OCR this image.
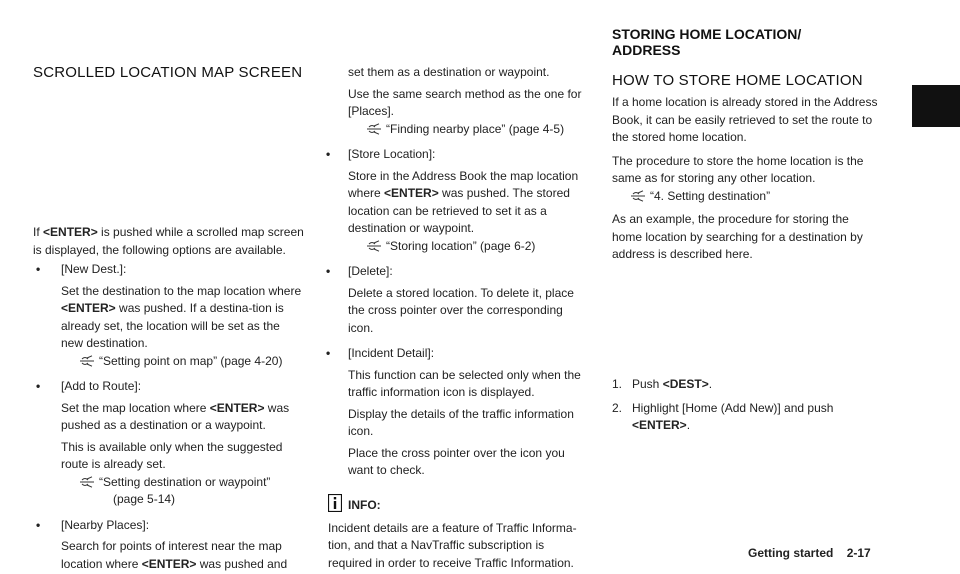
STORING HOME LOCATION/
ADDRESS
SCROLLED LOCATION MAP SCREEN
If <ENTER> is pushed while a scrolled map screen is displayed, the following options are available.
• [New Dest.]:
Set the destination to the map location where <ENTER> was pushed. If a destina-tion is already set, the location will be set as the new destination.
“Setting point on map” (page 4-20)
• [Add to Route]:
Set the map location where <ENTER> was pushed as a destination or a waypoint.
This is available only when the suggested route is already set.
“Setting destination or waypoint”
(page 5-14)
• [Nearby Places]:
Search for points of interest near the map location where <ENTER> was pushed and
set them as a destination or waypoint.
Use the same search method as the one for [Places].
“Finding nearby place” (page 4-5)
• [Store Location]:
Store in the Address Book the map location where <ENTER> was pushed. The stored location can be retrieved to set it as a destination or waypoint.
“Storing location” (page 6-2)
• [Delete]:
Delete a stored location. To delete it, place the cross pointer over the corresponding icon.
• [Incident Detail]:
This function can be selected only when the traffic information icon is displayed.
Display the details of the traffic information icon.
Place the cross pointer over the icon you want to check.
INFO:
Incident details are a feature of Traffic Informa-tion, and that a NavTraffic subscription is required in order to receive Traffic Information.
HOW TO STORE HOME LOCATION
If a home location is already stored in the Address Book, it can be easily retrieved to set the route to the stored home location.
The procedure to store the home location is the same as for storing any other location.
“4. Setting destination”
As an example, the procedure for storing the home location by searching for a destination by address is described here.
1. Push <DEST>.
2. Highlight [Home (Add New)] and push <ENTER>.
Getting started 2-17
